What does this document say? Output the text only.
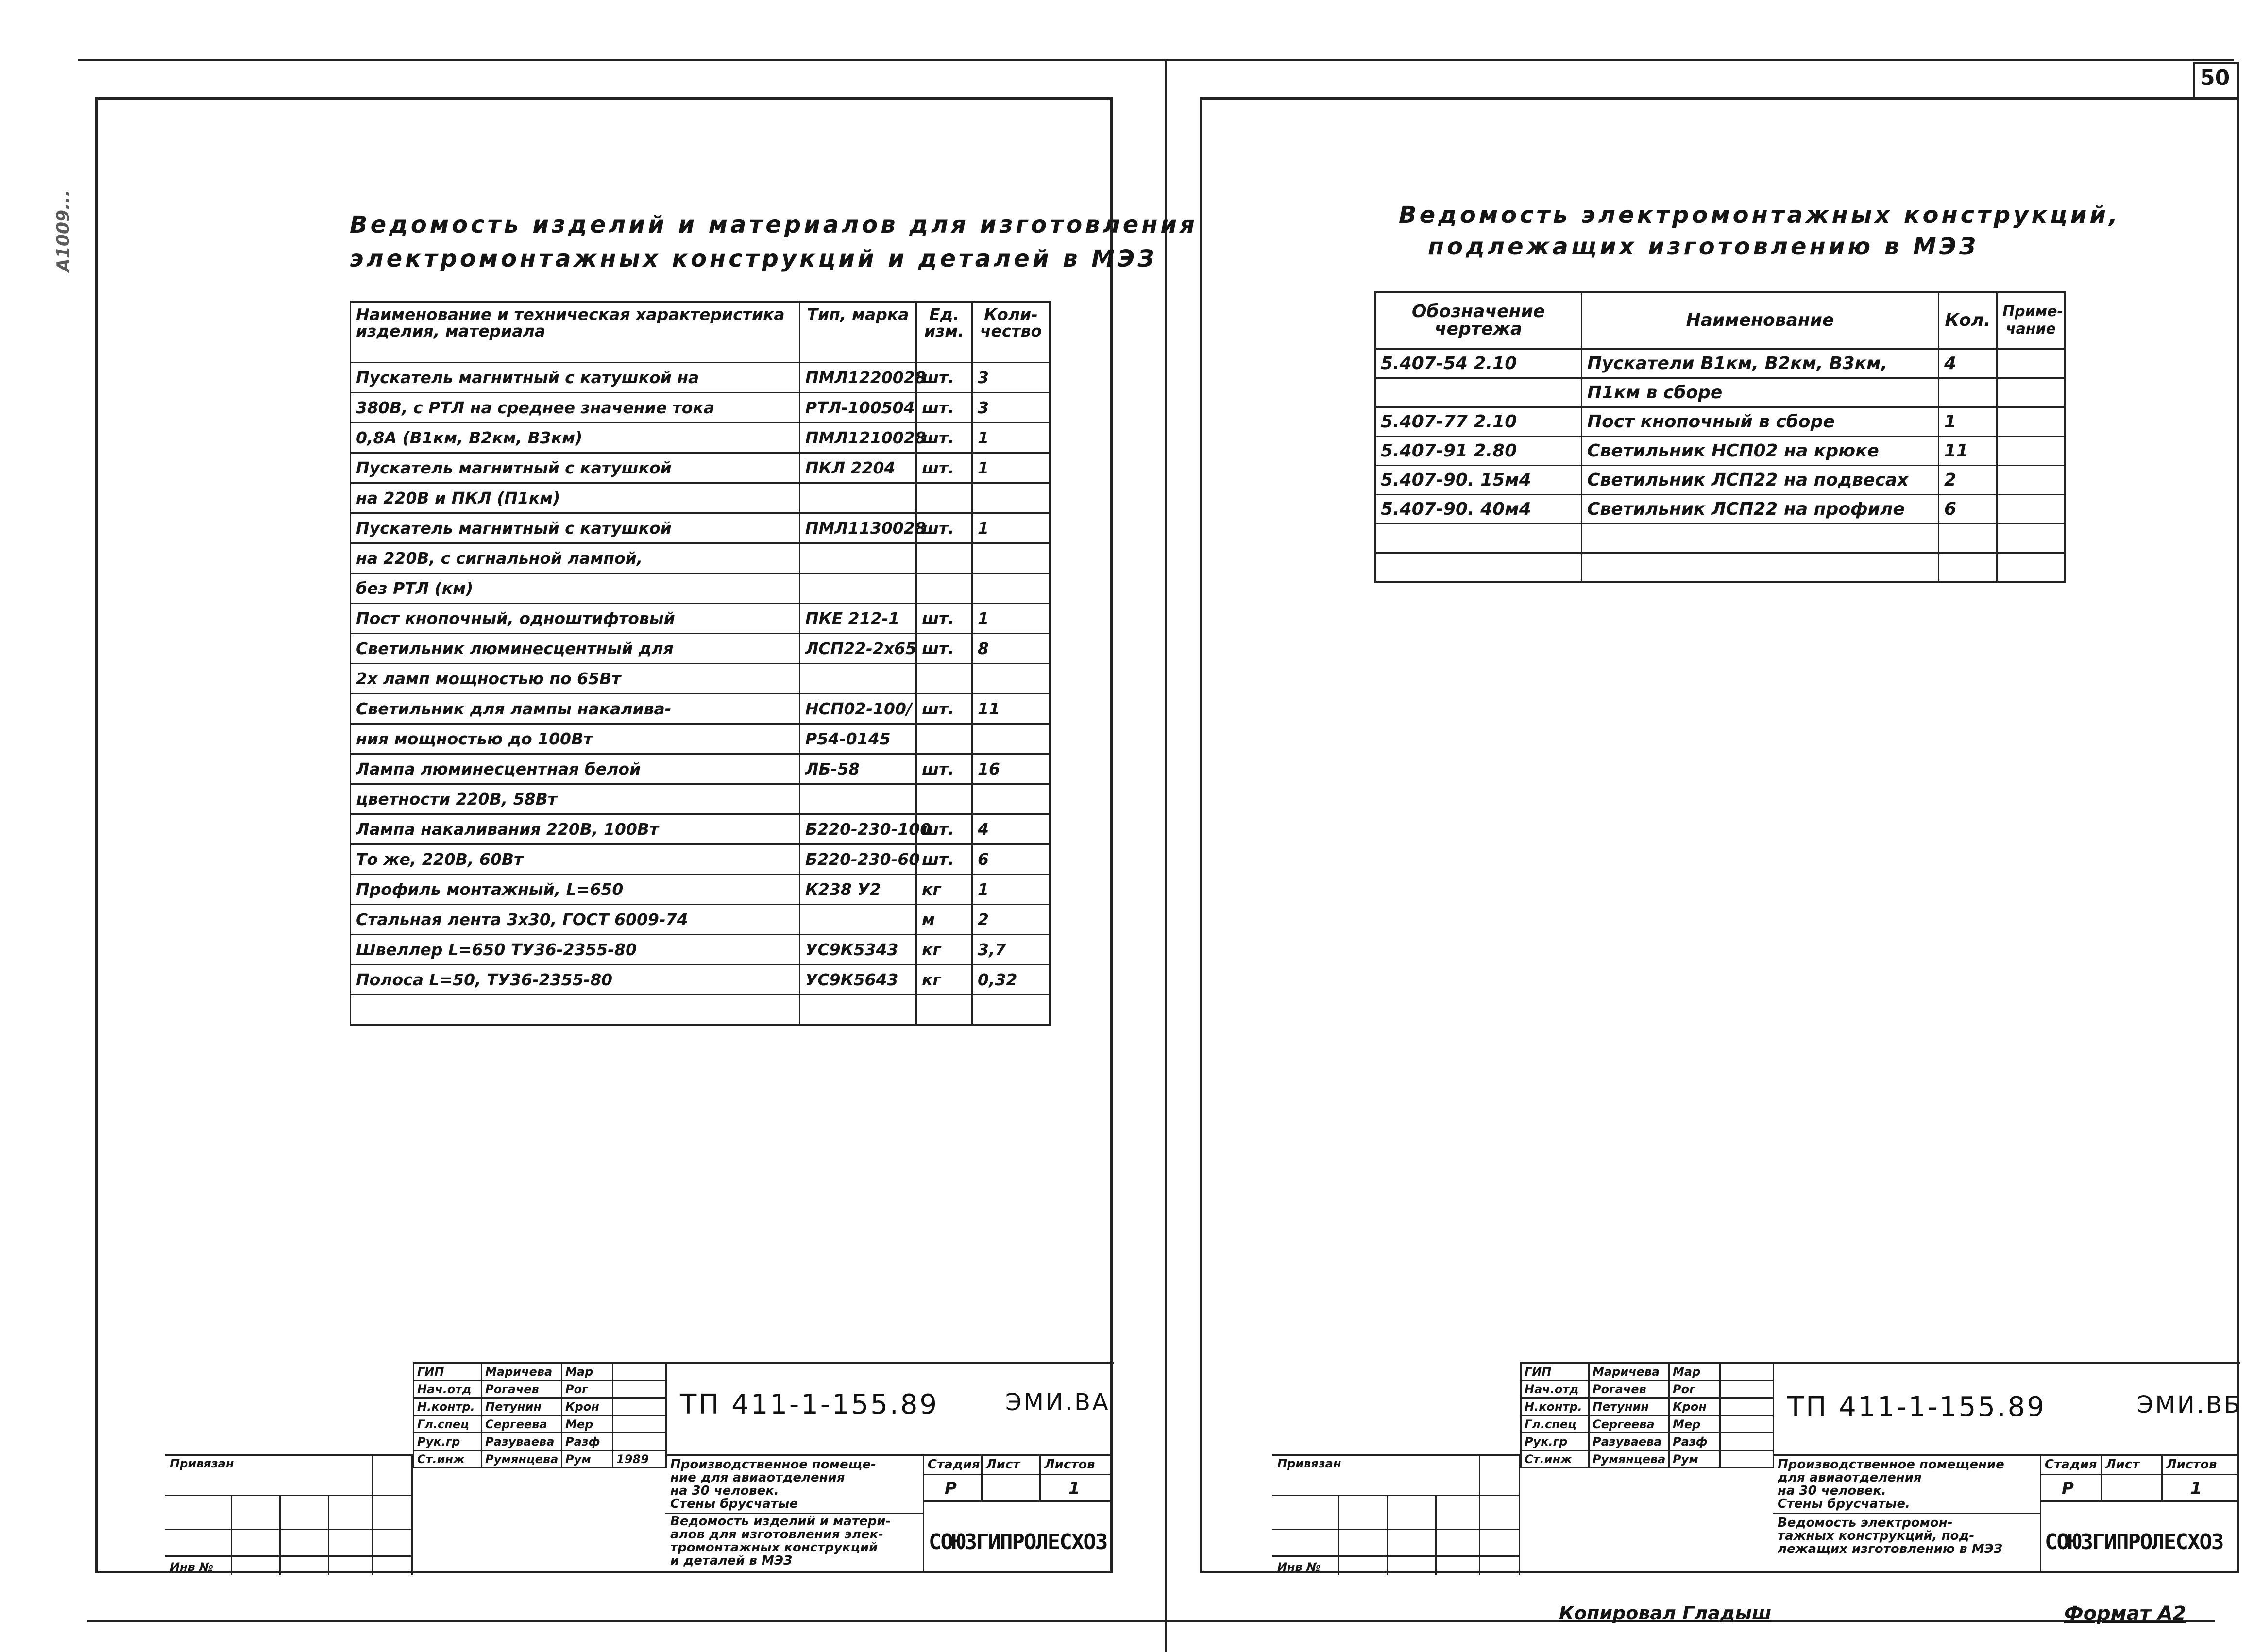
50
А1009...	Ведомость изделий и материалов для изготовления
электромонтажных конструкций и деталей в МЭЗ
Наименование и техническая характеристика изделия, материала	Тип, марка	Ед. изм.	Коли- чество
Пускатель магнитный с катушкой на	ПМЛ1220028	шт.	3
380В, с РТЛ на среднее значение тока	РТЛ-100504	шт.	3
0,8А (В1км, В2км, В3км)	ПМЛ1210028	шт.	1
Пускатель магнитный с катушкой	ПКЛ 2204	шт.	1
на 220В и ПКЛ (П1км)			
Пускатель магнитный с катушкой	ПМЛ1130028	шт.	1
на 220В, с сигнальной лампой,			
без РТЛ (км)			
Пост кнопочный, одноштифтовый	ПКЕ 212-1	шт.	1
Светильник люминесцентный для	ЛСП22-2х65	шт.	8
2х ламп мощностью по 65Вт			
Светильник для лампы накалива-	НСП02-100/	шт.	11
ния мощностью до 100Вт	Р54-0145		
Лампа люминесцентная белой	ЛБ-58	шт.	16
цветности 220В, 58Вт			
Лампа накаливания 220В, 100Вт	Б220-230-100	шт.	4
То же, 220В, 60Вт	Б220-230-60	шт.	6
Профиль монтажный, L=650	К238 У2	кг	1
Стальная лента 3х30, ГОСТ 6009-74		м	2
Швеллер L=650 ТУ36-2355-80	УС9К5343	кг	3,7
Полоса L=50, ТУ36-2355-80	УС9К5643	кг	0,32

Привязан
Инв №
ГИП	Маричева	Мар	
Нач.отд	Рогачев	Рог	
Н.контр.	Петунин	Крон	
Гл.спец	Сергеева	Мер	
Рук.гр	Разуваева	Разф	
Ст.инж	Румянцева	Рум	1989
ТП 411-1-155.89	ЭМИ.ВА
Производственное помеще-
ние для авиаотделения
на 30 человек.
Стены брусчатые
Стадия Лист Листов
Р	1
Ведомость изделий и матери-
алов для изготовления элек-
тромонтажных конструкций
и деталей в МЭЗ
СОЮЗГИПРОЛЕСХОЗ
Ведомость электромонтажных конструкций,
подлежащих изготовлению в МЭЗ
Обозначение чертежа	Наименование	Кол.	Приме- чание
5.407-54 2.10	Пускатели В1км, В2км, В3км,	4	
	П1км в сборе		
5.407-77 2.10	Пост кнопочный в сборе	1	
5.407-91 2.80	Светильник НСП02 на крюке	11	
5.407-90. 15м4	Светильник ЛСП22 на подвесах	2	
5.407-90. 40м4	Светильник ЛСП22 на профиле	6	

Привязан
Инв №
ГИП	Маричева	Мар	
Нач.отд	Рогачев	Рог	
Н.контр.	Петунин	Крон	
Гл.спец	Сергеева	Мер	
Рук.гр	Разуваева	Разф	
Ст.инж	Румянцева	Рум	
ТП 411-1-155.89	ЭМИ.ВБ
Производственное помещение
для авиаотделения
на 30 человек.
Стены брусчатые.
Стадия Лист Листов
Р	1
Ведомость электромон-
тажных конструкций, под-
лежащих изготовлению в МЭЗ	СОЮЗГИПРОЛЕСХОЗ
Копировал Гладыш	Формат А2
